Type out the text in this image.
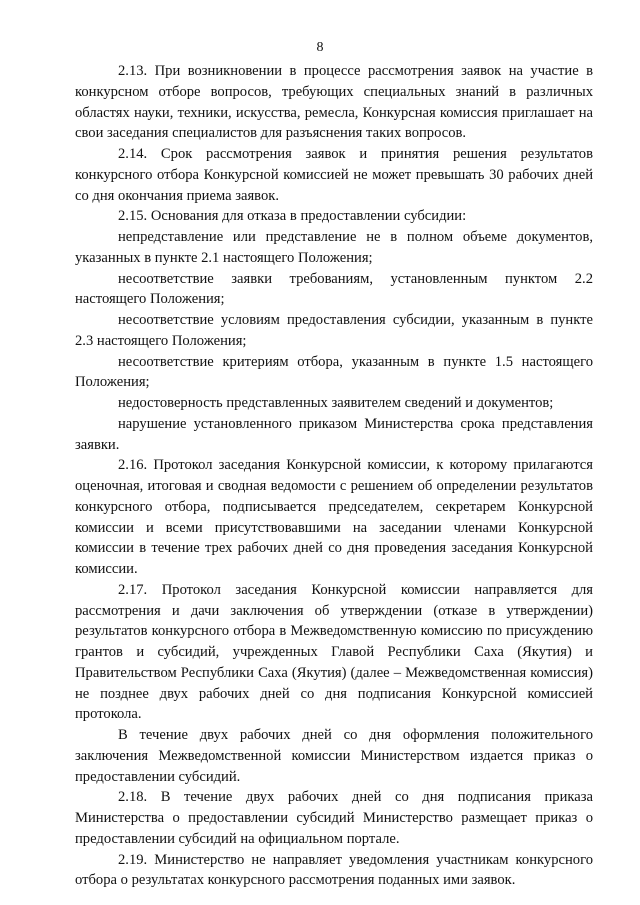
8

2.13. При возникновении в процессе рассмотрения заявок на участие в конкурсном отборе вопросов, требующих специальных знаний в различных областях науки, техники, искусства, ремесла, Конкурсная комиссия приглашает на свои заседания специалистов для разъяснения таких вопросов.

2.14. Срок рассмотрения заявок и принятия решения результатов конкурсного отбора Конкурсной комиссией не может превышать 30 рабочих дней со дня окончания приема заявок.

2.15. Основания для отказа в предоставлении субсидии:

непредставление или представление не в полном объеме документов, указанных в пункте 2.1 настоящего Положения;

несоответствие заявки требованиям, установленным пунктом 2.2 настоящего Положения;

несоответствие условиям предоставления субсидии, указанным в пункте 2.3 настоящего Положения;

несоответствие критериям отбора, указанным в пункте 1.5 настоящего Положения;

недостоверность представленных заявителем сведений и документов;

нарушение установленного приказом Министерства срока представления заявки.

2.16. Протокол заседания Конкурсной комиссии, к которому прилагаются оценочная, итоговая и сводная ведомости с решением об определении результатов конкурсного отбора, подписывается председателем, секретарем Конкурсной комиссии и всеми присутствовавшими на заседании членами Конкурсной комиссии в течение трех рабочих дней со дня проведения заседания Конкурсной комиссии.

2.17. Протокол заседания Конкурсной комиссии направляется для рассмотрения и дачи заключения об утверждении (отказе в утверждении) результатов конкурсного отбора в Межведомственную комиссию по присуждению грантов и субсидий, учрежденных Главой Республики Саха (Якутия) и Правительством Республики Саха (Якутия) (далее – Межведомственная комиссия) не позднее двух рабочих дней со дня подписания Конкурсной комиссией протокола.

В течение двух рабочих дней со дня оформления положительного заключения Межведомственной комиссии Министерством издается приказ о предоставлении субсидий.

2.18. В течение двух рабочих дней со дня подписания приказа Министерства о предоставлении субсидий Министерство размещает приказ о предоставлении субсидий на официальном портале.

2.19. Министерство не направляет уведомления участникам конкурсного отбора о результатах конкурсного рассмотрения поданных ими заявок.
